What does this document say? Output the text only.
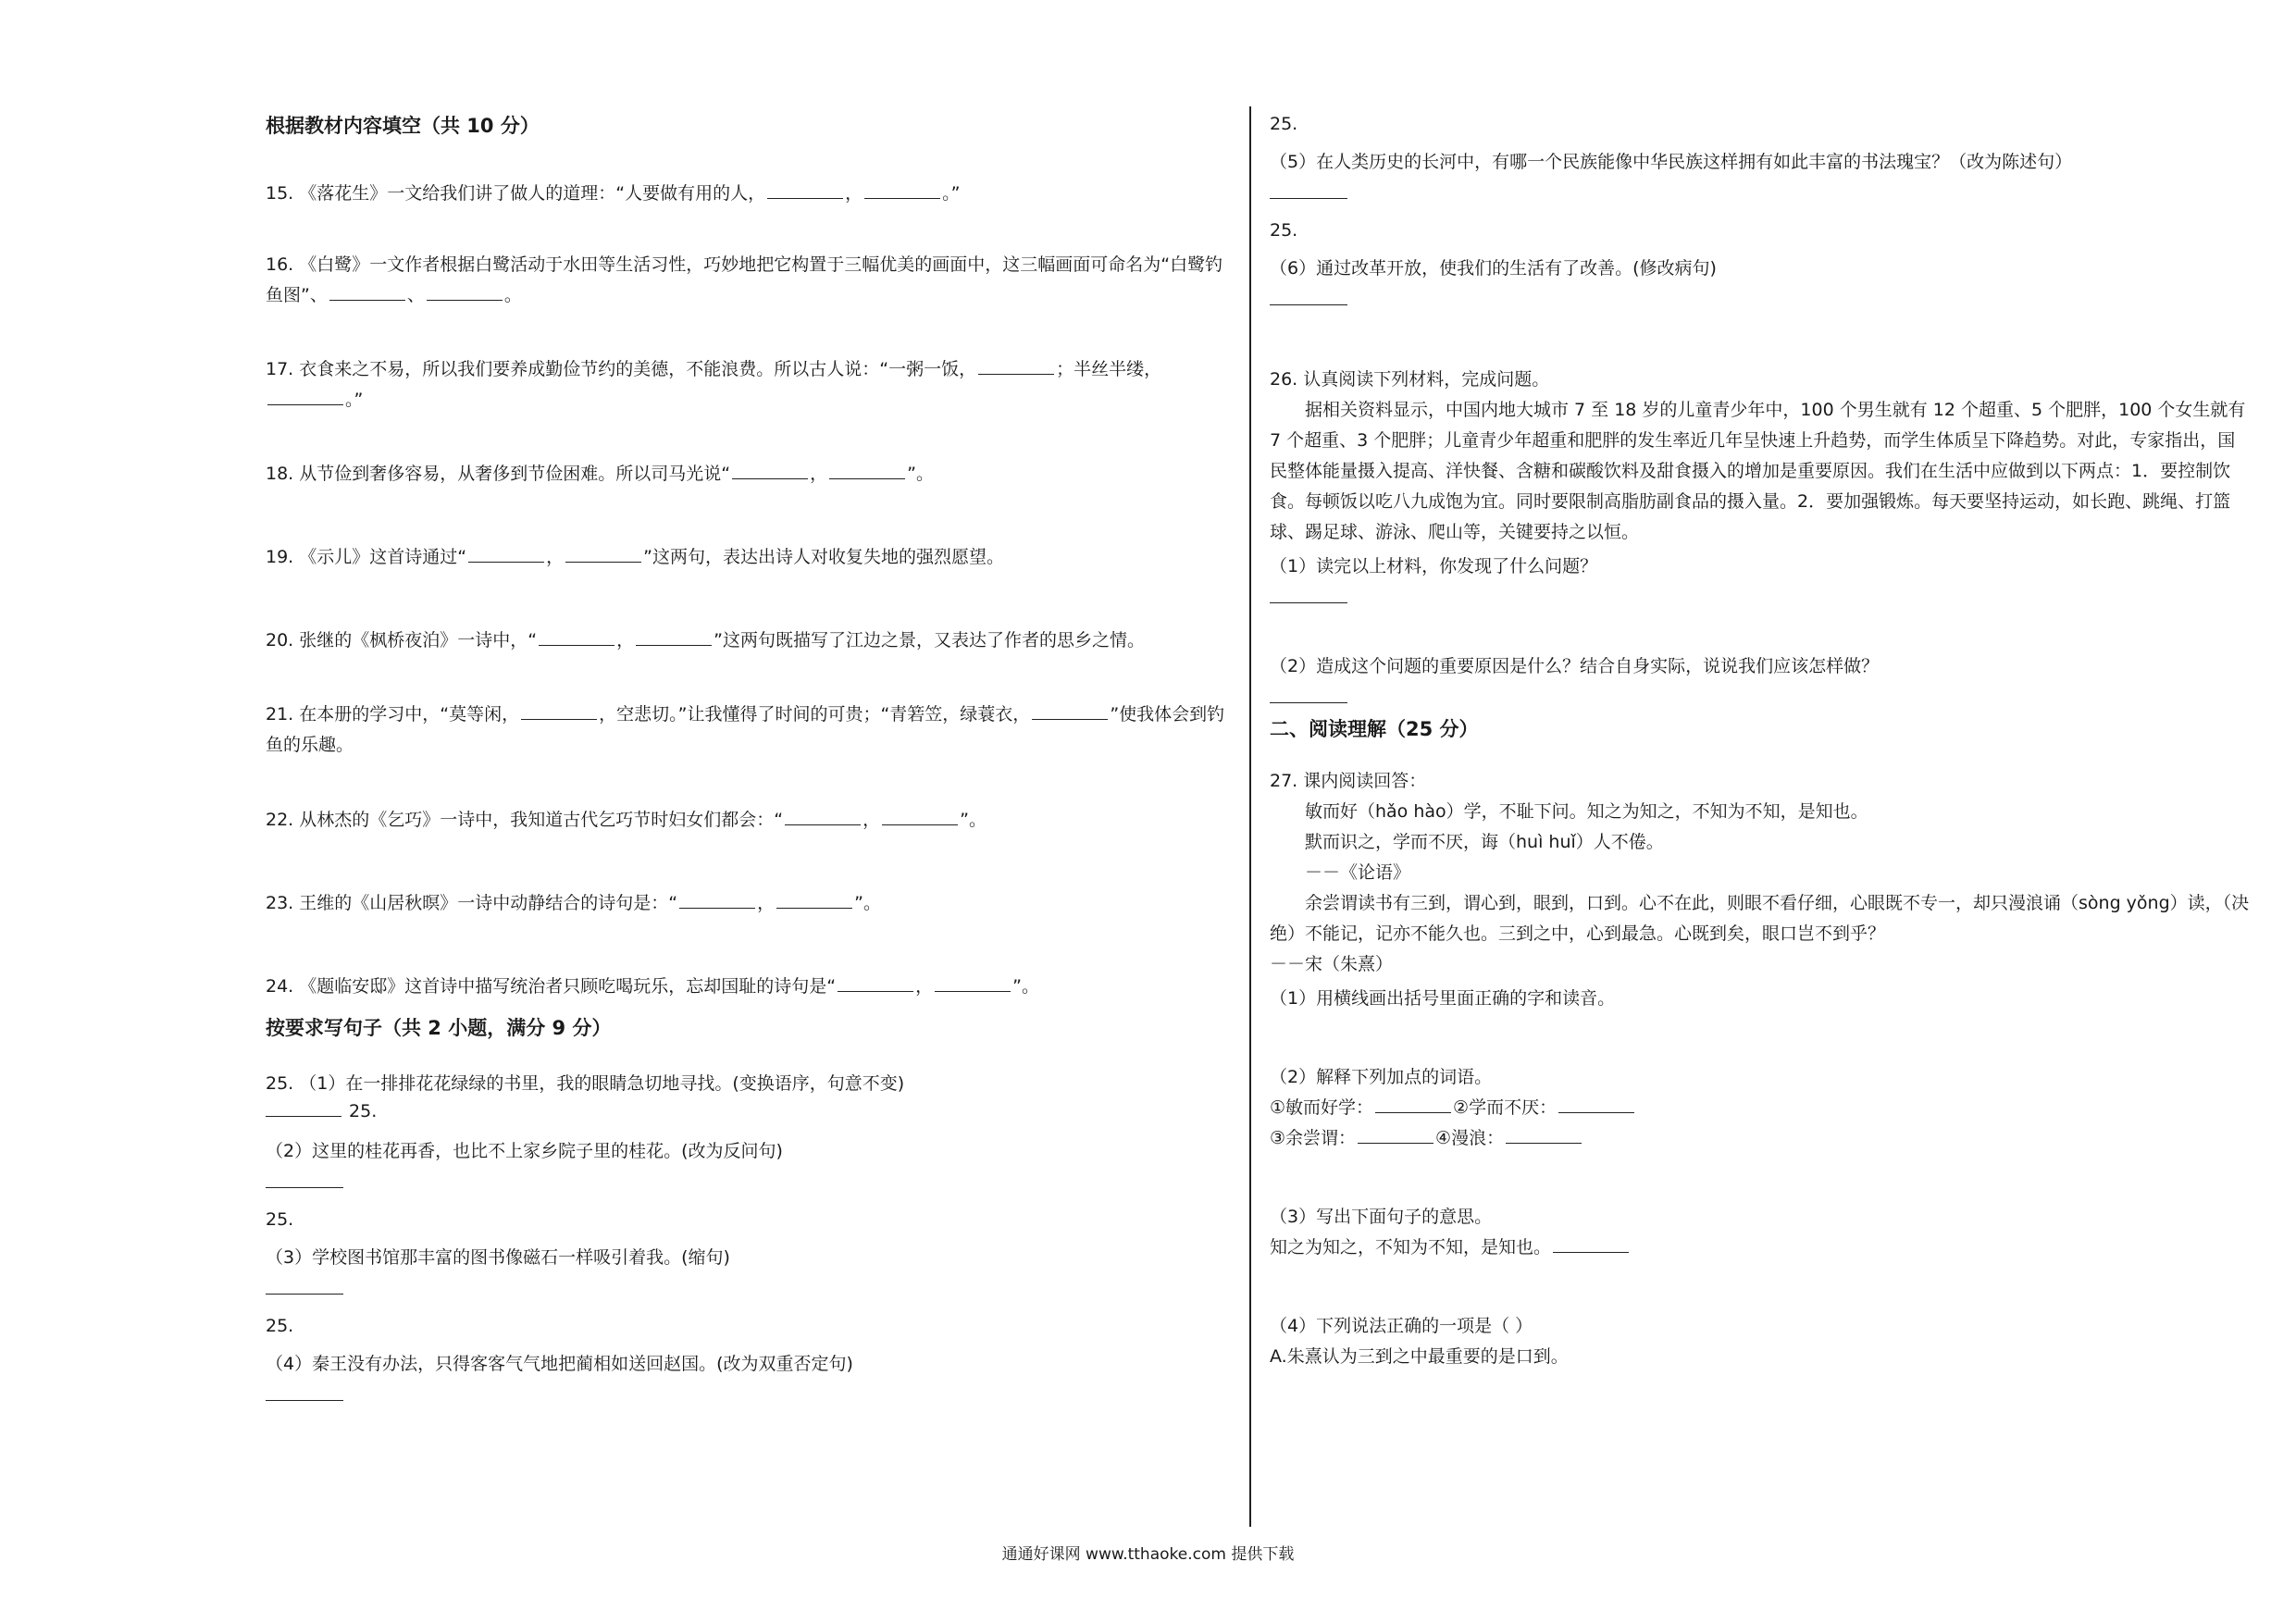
根据教材内容填空（共 10 分）
15. 《落花生》一文给我们讲了做人的道理：“人要做有用的人，	，	。”
16. 《白鹭》一文作者根据白鹭活动于水田等生活习性，巧妙地把它构置于三幅优美的画面中，这三幅画面可命名为“白鹭钓鱼图”、	、	。
17. 衣食来之不易，所以我们要养成勤俭节约的美德，不能浪费。所以古人说：“一粥一饭，	；半丝半缕，。”
18. 从节俭到奢侈容易，从奢侈到节俭困难。所以司马光说“	，	”。
19. 《示儿》这首诗通过“	，	”这两句，表达出诗人对收复失地的强烈愿望。
20. 张继的《枫桥夜泊》一诗中，“	，	”这两句既描写了江边之景，又表达了作者的思乡之情。
21. 在本册的学习中，“莫等闲，	，空悲切。”让我懂得了时间的可贵；“青箬笠，绿蓑衣，	”使我体会到钓鱼的乐趣。
22. 从林杰的《乞巧》一诗中，我知道古代乞巧节时妇女们都会：“	，	”。
23. 王维的《山居秋暝》一诗中动静结合的诗句是：“	，	”。
24. 《题临安邸》这首诗中描写统治者只顾吃喝玩乐，忘却国耻的诗句是“	，	”。
按要求写句子（共 2 小题，满分 9 分）
25. （1）在一排排花花绿绿的书里，我的眼睛急切地寻找。(变换语序，句意不变)
25.
（2）这里的桂花再香，也比不上家乡院子里的桂花。(改为反问句)
25.
（3）学校图书馆那丰富的图书像磁石一样吸引着我。(缩句)
25.
（4）秦王没有办法，只得客客气气地把蔺相如送回赵国。(改为双重否定句)
25.
（5）在人类历史的长河中，有哪一个民族能像中华民族这样拥有如此丰富的书法瑰宝？（改为陈述句）
25.
（6）通过改革开放，使我们的生活有了改善。(修改病句)
26. 认真阅读下列材料，完成问题。
据相关资料显示，中国内地大城市 7 至 18 岁的儿童青少年中，100 个男生就有 12 个超重、5 个肥胖，100 个女生就有 7 个超重、3 个肥胖；儿童青少年超重和肥胖的发生率近几年呈快速上升趋势，而学生体质呈下降趋势。对此，专家指出，国民整体能量摄入提高、洋快餐、含糖和碳酸饮料及甜食摄入的增加是重要原因。我们在生活中应做到以下两点：1．要控制饮食。每顿饭以吃八九成饱为宜。同时要限制高脂肪副食品的摄入量。2．要加强锻炼。每天要坚持运动，如长跑、跳绳、打篮球、踢足球、游泳、爬山等，关键要持之以恒。
（1）读完以上材料，你发现了什么问题？
（2）造成这个问题的重要原因是什么？结合自身实际，说说我们应该怎样做？
二、阅读理解（25 分）
27. 课内阅读回答：
敏而好（hǎo hào）学，不耻下问。知之为知之，不知为不知，是知也。
默而识之，学而不厌，诲（huì huǐ）人不倦。
－－《论语》
余尝谓读书有三到，谓心到，眼到，口到。心不在此，则眼不看仔细，心眼既不专一，却只漫浪诵（sòng yǒng）读，（决 绝）不能记，记亦不能久也。三到之中，心到最急。心既到矣，眼口岂不到乎？
－－宋（朱熹）
（1）用横线画出括号里面正确的字和读音。
（2）解释下列加点的词语。
①敏而好学：	②学而不厌：
③余尝谓：	④漫浪：
（3）写出下面句子的意思。
知之为知之，不知为不知，是知也。
（4）下列说法正确的一项是（ ）
A.朱熹认为三到之中最重要的是口到。
通通好课网 www.tthaoke.com 提供下载
